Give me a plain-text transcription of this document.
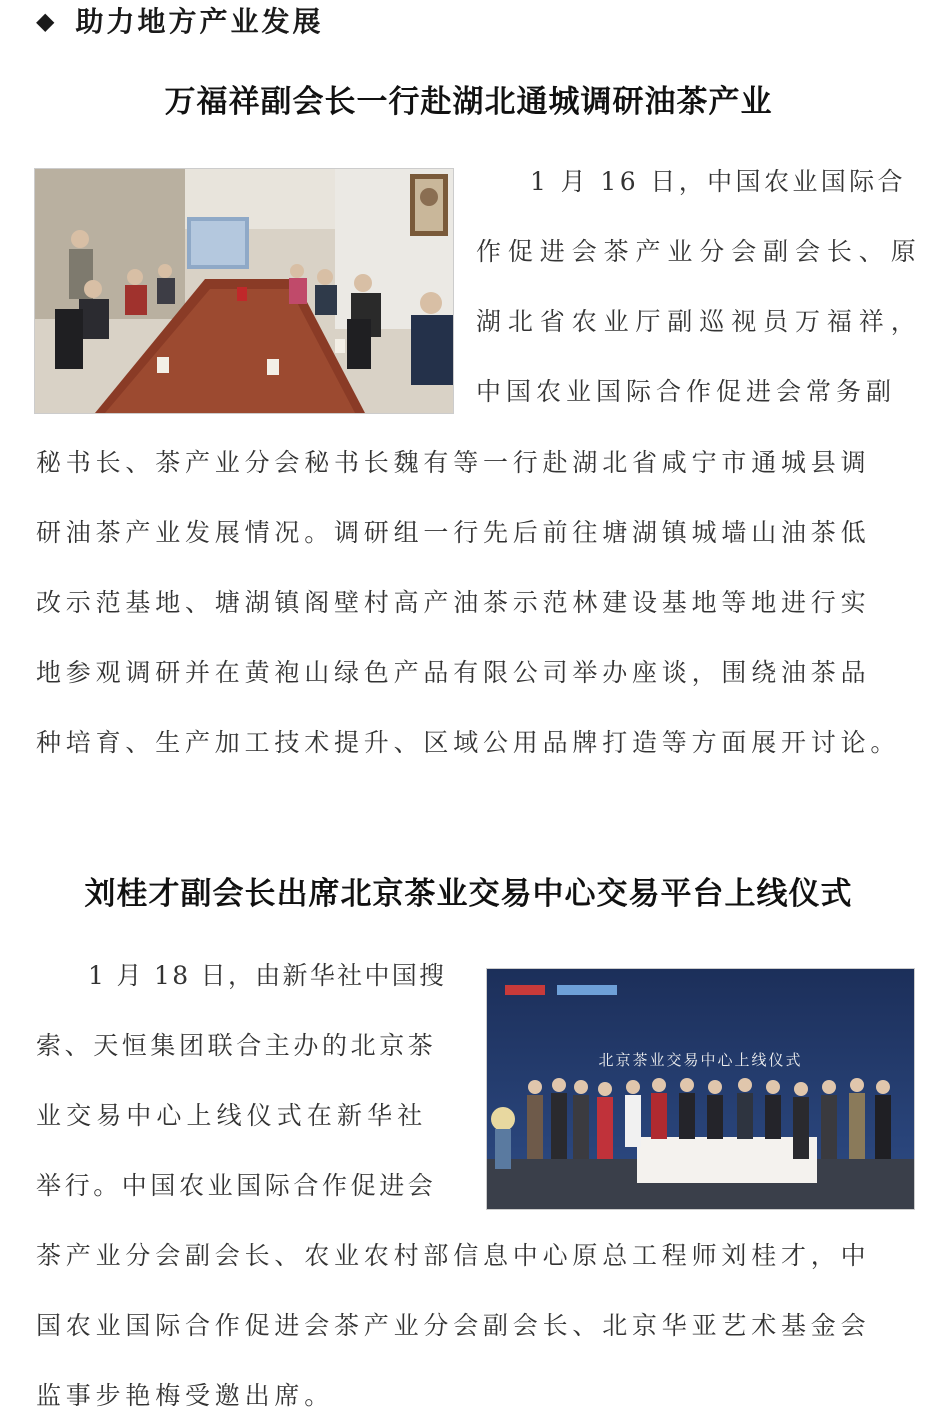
◆ 助力地方产业发展
万福祥副会长一行赴湖北通城调研油茶产业
1 月 16 日，中国农业国际合
作促进会茶产业分会副会长、原
湖北省农业厅副巡视员万福祥，
中国农业国际合作促进会常务副
秘书长、茶产业分会秘书长魏有等一行赴湖北省咸宁市通城县调
研油茶产业发展情况。调研组一行先后前往塘湖镇城墙山油茶低
改示范基地、塘湖镇阁壁村高产油茶示范林建设基地等地进行实
地参观调研并在黄袍山绿色产品有限公司举办座谈，围绕油茶品
种培育、生产加工技术提升、区域公用品牌打造等方面展开讨论。
刘桂才副会长出席北京茶业交易中心交易平台上线仪式
北京茶业交易中心上线仪式
1 月 18 日，由新华社中国搜
索、天恒集团联合主办的北京茶
业交易中心上线仪式在新华社
举行。中国农业国际合作促进会
茶产业分会副会长、农业农村部信息中心原总工程师刘桂才，中
国农业国际合作促进会茶产业分会副会长、北京华亚艺术基金会
监事步艳梅受邀出席。
